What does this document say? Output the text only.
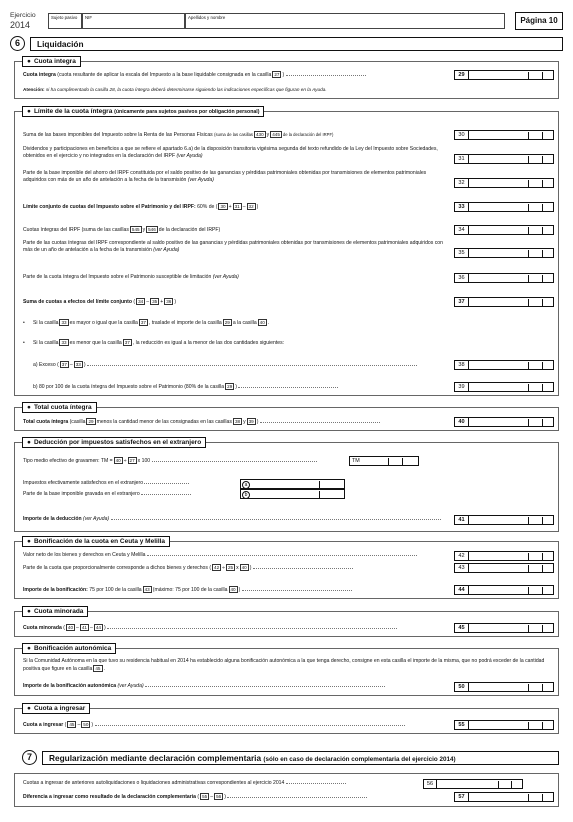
Ejercicio
2014
Sujeto pasivo	NIF	Apellidos y nombre	Página 10
6	Liquidación
● Cuota integra
Cuota integra (cuota resultante de aplicar la escala del Impuesto a la base liquidable consignada en la casilla 27 )	29
Atención: si ha cumplimentado la casilla 28, la cuota íntegra deberá determinarse siguiendo las indicaciones específicas que figuran en la Ayuda.
● Límite de la cuota íntegra (únicamente para sujetos pasivos por obligación personal)
Suma de las bases imponibles del Impuesto sobre la Renta de las Personas Físicas (suma de las casillas 430 y 445 de la declaración del IRPF)	30
Dividendos y participaciones en beneficios a que se refiere el apartado 6.a) de la disposición transitoria vigésima segunda del texto refundido de la Ley del Impuesto sobre Sociedades, obtenidos en el ejercicio y no integrados en la declaración del IRPF (ver Ayuda)
31
Parte de la base imponible del ahorro del IRPF constituida por el saldo positivo de las ganancias y pérdidas patrimoniales obtenidas por transmisiones de elementos patrimoniales adquiridos con más de un año de antelación a la fecha de la transmisión (ver Ayuda)
32
Límite conjunto de cuotas del Impuesto sobre el Patrimonio y del IRPF: 60% de ( 30 + 31 – 32 )	33
Cuotas íntegras del IRPF (suma de las casillas 545 y 546 de la declaración del IRPF)	34
Parte de las cuotas íntegras del IRPF correspondiente al saldo positivo de las ganancias y pérdidas patrimoniales obtenidas por transmisiones de elementos patrimoniales adquiridos con más de un año de antelación a la fecha de la transmisión (ver Ayuda)
35
Parte de la cuota íntegra del Impuesto sobre el Patrimonio susceptible de limitación (ver Ayuda)	36
Suma de cuotas a efectos del límite conjunto ( 34 – 35 + 36 )	37
• Si la casilla 33 es mayor o igual que la casilla 37 , traslade el importe de la casilla 29 a la casilla 40 .
• Si la casilla 33 es menor que la casilla 37 , la reducción es igual a la menor de las dos cantidades siguientes:
a) Exceso ( 37 – 33 )	38
b) 80 por 100 de la cuota íntegra del Impuesto sobre el Patrimonio (80% de la casilla 29 )	39
● Total cuota íntegra
Total cuota íntegra (casilla 29 menos la cantidad menor de las consignadas en las casillas 38 y 39 )	40
● Deducción por impuestos satisfechos en el extranjero
Tipo medio efectivo de gravamen: TM = 40 ÷ 27 x 100	TM
Impuestos efectivamente satisfechos en el extranjero	a
Parte de la base imponible gravada en el extranjero	b
Importe de la deducción (ver Ayuda)	41
● Bonificación de la cuota en Ceuta y Melilla
Valor neto de los bienes y derechos en Ceuta y Melilla	42
Parte de la cuota que proporcionalmente corresponde a dichos bienes y derechos ( 42 ÷ 25 x 40 )	43
Importe de la bonificación: 75 por 100 de la casilla 43 (máximo: 75 por 100 de la casilla 40 )	44
● Cuota minorada
Cuota minorada ( 40 – 41 – 44 )	45
● Bonificación autonómica
Si la Comunidad Autónoma en la que tuvo su residencia habitual en 2014 ha establecido alguna bonificación autonómica a la que tenga derecho, consigne en esta casilla el importe de la misma, que no podrá exceder de la cantidad positiva que figure en la casilla 45 .
Importe de la bonificación autonómica (ver Ayuda)	50
● Cuota a ingresar
Cuota a ingresar ( 45 – 50 )	55
7	Regularización mediante declaración complementaria (sólo en caso de declaración complementaria del ejercicio 2014)
Cuotas a ingresar de anteriores autoliquidaciones o liquidaciones administrativas correspondientes al ejercicio 2014	56
Diferencia a ingresar como resultado de la declaración complementaria ( 55 – 56 )	57
